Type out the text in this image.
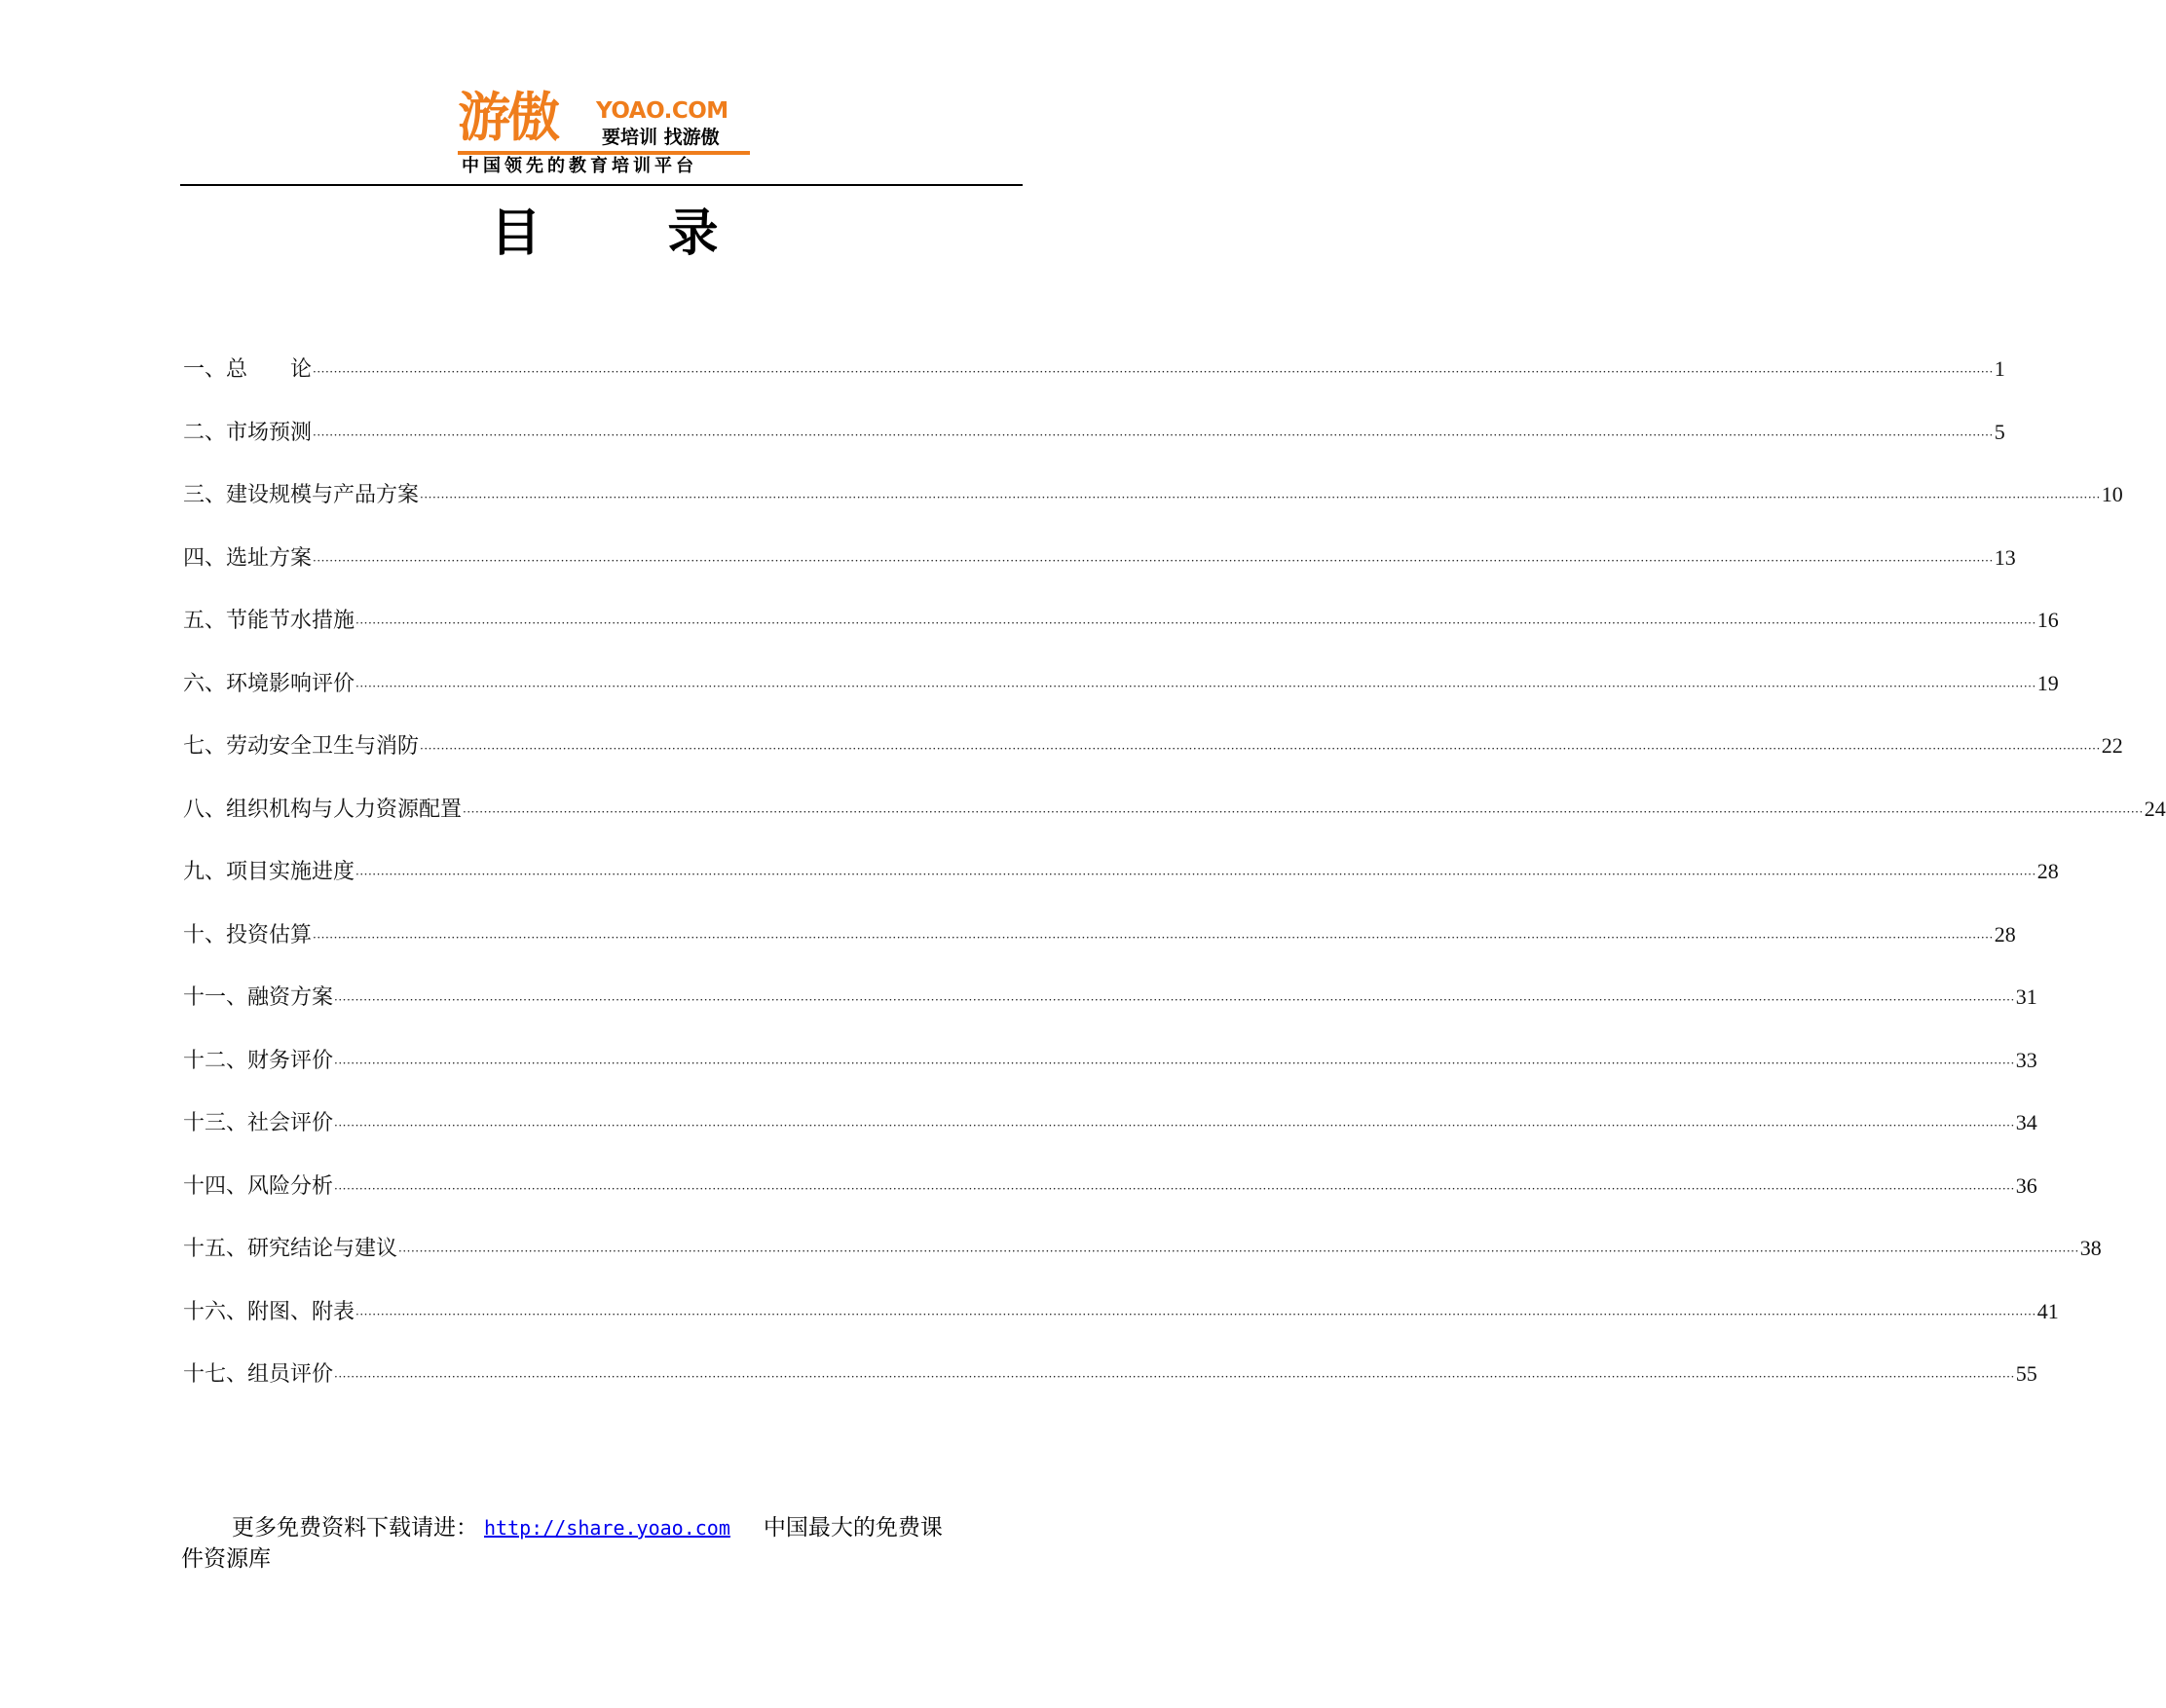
游傲 YOAO.COM
要培训 找游傲
中国领先的教育培训平台
目录
一、总　　论 ················································································································································································································································································································································································································ 1
二、市场预测 ················································································································································································································································································································································································································ 5
三、建设规模与产品方案 ················································································································································································································································································································································································································ 10
四、选址方案 ················································································································································································································································································································································································································ 13
五、节能节水措施 ················································································································································································································································································································································································································ 16
六、环境影响评价 ················································································································································································································································································································································································································ 19
七、劳动安全卫生与消防 ················································································································································································································································································································································································································ 22
八、组织机构与人力资源配置 ················································································································································································································································································································································································································ 24
九、项目实施进度 ················································································································································································································································································································································································································ 28
十、投资估算 ················································································································································································································································································································································································································ 28
十一、融资方案 ················································································································································································································································································································································································································ 31
十二、财务评价 ················································································································································································································································································································································································································ 33
十三、社会评价 ················································································································································································································································································································································································································ 34
十四、风险分析 ················································································································································································································································································································································································································ 36
十五、研究结论与建议 ················································································································································································································································································································································································································ 38
十六、附图、附表 ················································································································································································································································································································································································································ 41
十七、组员评价 ················································································································································································································································································································································································································ 55
更多免费资料下载请进： http://share.yoao.com 中国最大的免费课
件资源库
